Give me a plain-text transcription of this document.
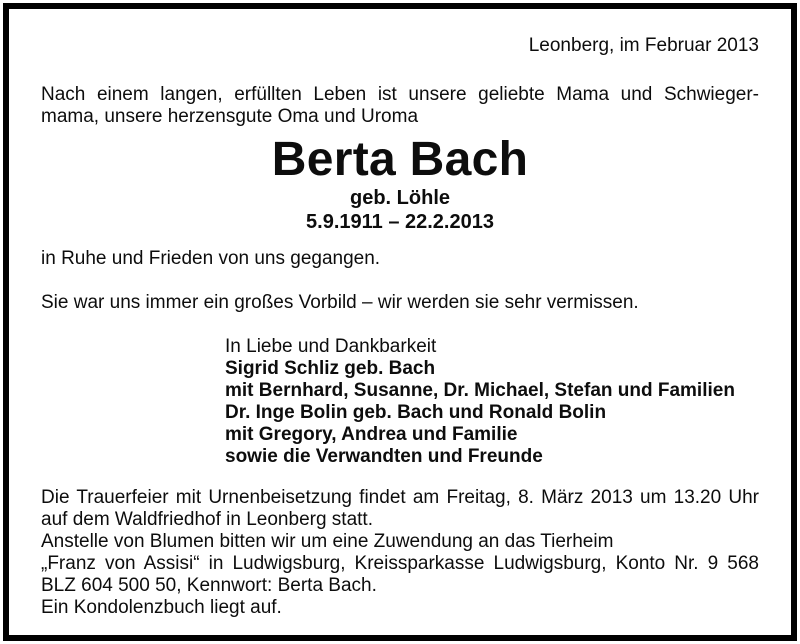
Leonberg, im Februar 2013
Nach einem langen, erfüllten Leben ist unsere geliebte Mama und Schwieger-
mama, unsere herzensgute Oma und Uroma
Berta Bach
geb. Löhle
5.9.1911 – 22.2.2013
in Ruhe und Frieden von uns gegangen.
Sie war uns immer ein großes Vorbild – wir werden sie sehr vermissen.
In Liebe und Dankbarkeit
Sigrid Schliz geb. Bach
mit Bernhard, Susanne, Dr. Michael, Stefan und Familien
Dr. Inge Bolin geb. Bach und Ronald Bolin
mit Gregory, Andrea und Familie
sowie die Verwandten und Freunde
Die Trauerfeier mit Urnenbeisetzung findet am Freitag, 8. März 2013 um 13.20 Uhr
auf dem Waldfriedhof in Leonberg statt.
Anstelle von Blumen bitten wir um eine Zuwendung an das Tierheim
„Franz von Assisi“ in Ludwigsburg, Kreissparkasse Ludwigsburg, Konto Nr. 9 568
BLZ 604 500 50, Kennwort: Berta Bach.
Ein Kondolenzbuch liegt auf.
